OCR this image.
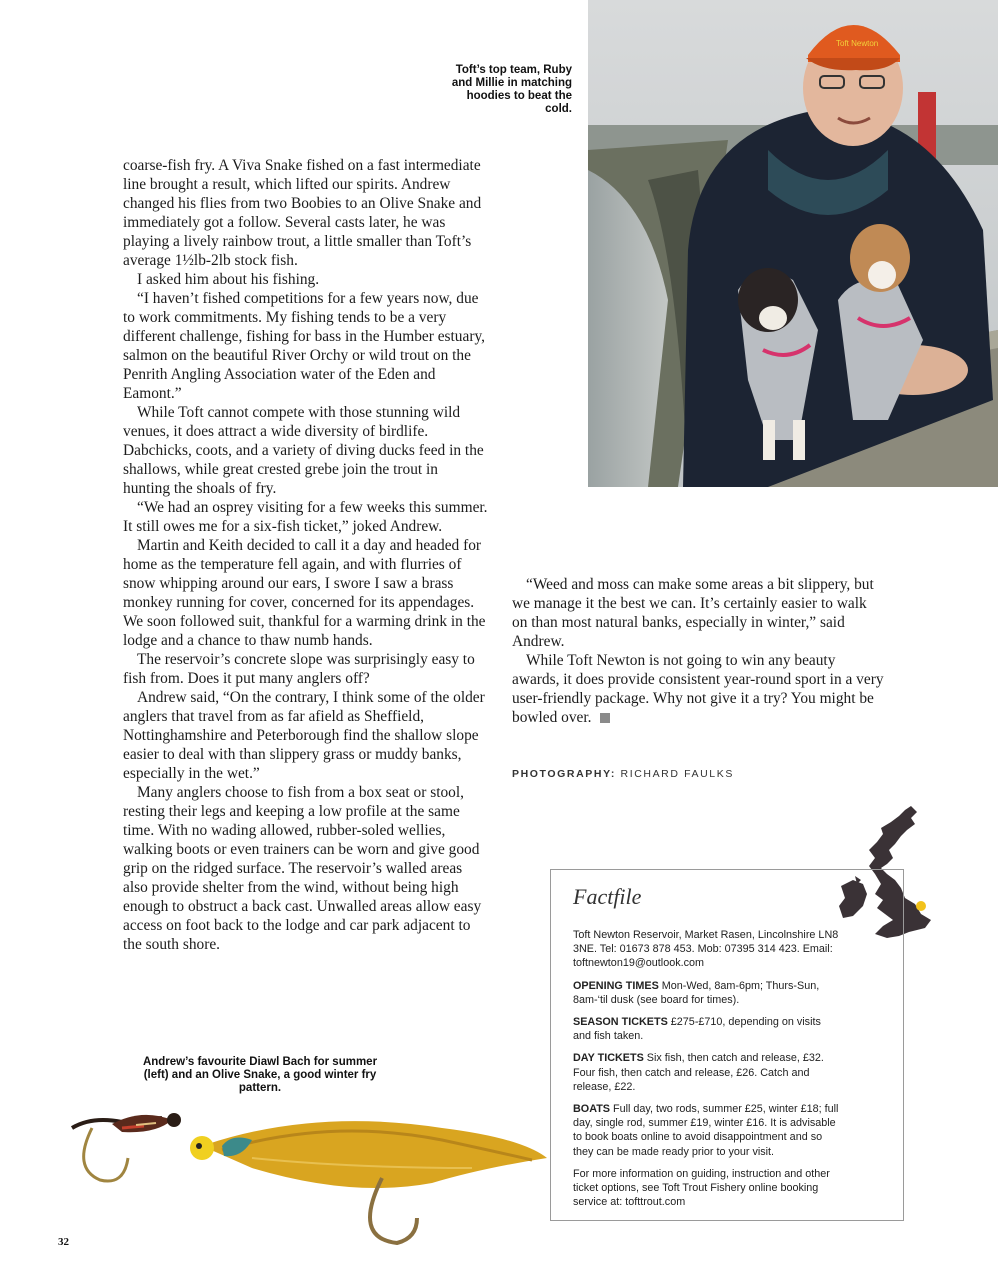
Toft’s top team, Ruby and Millie in matching hoodies to beat the cold.
Toft Newton

coarse-fish fry. A Viva Snake fished on a fast intermediate line brought a result, which lifted our spirits. Andrew changed his flies from two Boobies to an Olive Snake and immediately got a follow. Several casts later, he was playing a lively rainbow trout, a little smaller than Toft’s average 1½lb-2lb stock fish.

I asked him about his fishing.

“I haven’t fished competitions for a few years now, due to work commitments. My fishing tends to be a very different challenge, fishing for bass in the Humber estuary, salmon on the beautiful River Orchy or wild trout on the Penrith Angling Association water of the Eden and Eamont.”

While Toft cannot compete with those stunning wild venues, it does attract a wide diversity of birdlife. Dabchicks, coots, and a variety of diving ducks feed in the shallows, while great crested grebe join the trout in hunting the shoals of fry.

“We had an osprey visiting for a few weeks this summer. It still owes me for a six-fish ticket,” joked Andrew.

Martin and Keith decided to call it a day and headed for home as the temperature fell again, and with flurries of snow whipping around our ears, I swore I saw a brass monkey running for cover, concerned for its appendages. We soon followed suit, thankful for a warming drink in the lodge and a chance to thaw numb hands.

The reservoir’s concrete slope was surprisingly easy to fish from. Does it put many anglers off?

Andrew said, “On the contrary, I think some of the older anglers that travel from as far afield as Sheffield, Nottinghamshire and Peterborough find the shallow slope easier to deal with than slippery grass or muddy banks, especially in the wet.”

Many anglers choose to fish from a box seat or stool, resting their legs and keeping a low profile at the same time. With no wading allowed, rubber-soled wellies, walking boots or even trainers can be worn and give good grip on the ridged surface. The reservoir’s walled areas also provide shelter from the wind, without being high enough to obstruct a back cast. Unwalled areas allow easy access on foot back to the lodge and car park adjacent to the south shore.

“Weed and moss can make some areas a bit slippery, but we manage it the best we can. It’s certainly easier to walk on than most natural banks, especially in winter,” said Andrew.

While Toft Newton is not going to win any beauty awards, it does provide consistent year-round sport in a very user-friendly package. Why not give it a try? You might be bowled over.

PHOTOGRAPHY: RICHARD FAULKS
Andrew’s favourite Diawl Bach for summer (left) and an Olive Snake, a good winter fry pattern.
Factfile

Toft Newton Reservoir, Market Rasen, Lincolnshire LN8 3NE. Tel: 01673 878 453. Mob: 07395 314 423. Email: toftnewton19@outlook.com

OPENING TIMES Mon-Wed, 8am-6pm; Thurs-Sun, 8am-‘til dusk (see board for times).

SEASON TICKETS £275-£710, depending on visits and fish taken.

DAY TICKETS Six fish, then catch and release, £32. Four fish, then catch and release, £26. Catch and release, £22.

BOATS Full day, two rods, summer £25, winter £18; full day, single rod, summer £19, winter £16. It is advisable to book boats online to avoid disappointment and so they can be made ready prior to your visit.

For more information on guiding, instruction and other ticket options, see Toft Trout Fishery online booking service at: tofttrout.com

32
